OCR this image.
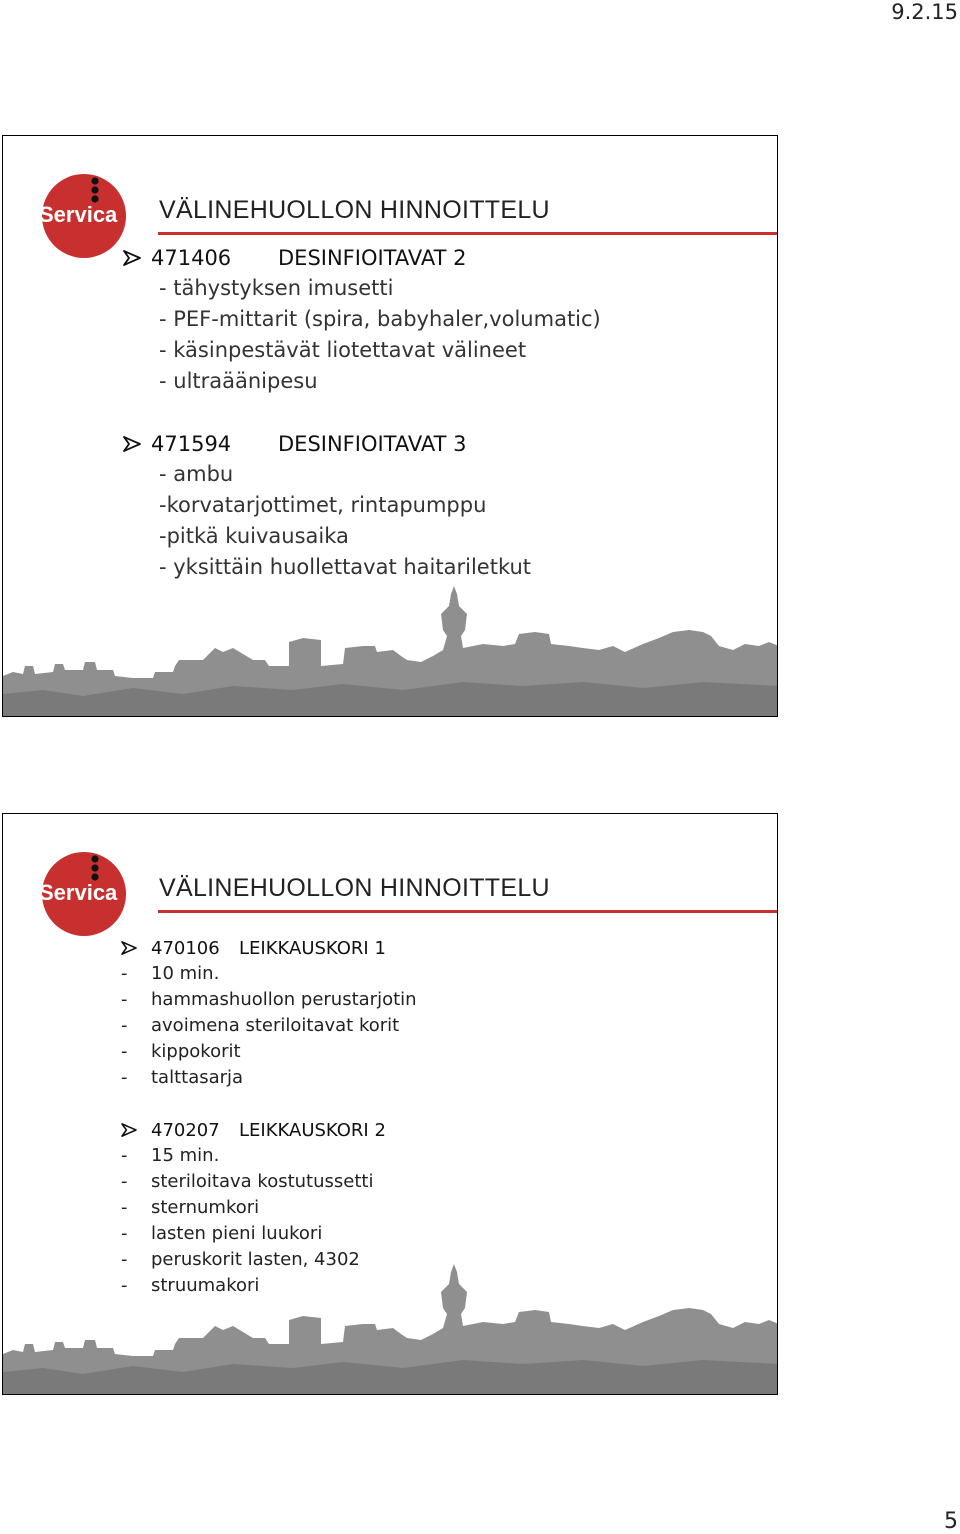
9.2.15
Servica VÄLINEHUOLLON HINNOITTELU
471406	DESINFIOITAVAT 2
- tähystyksen imusetti
- PEF-mittarit (spira, babyhaler,volumatic)
- käsinpestävät liotettavat välineet
- ultraäänipesu
471594	DESINFIOITAVAT 3
- ambu
-korvatarjottimet, rintapumppu
-pitkä kuivausaika
- yksittäin huollettavat haitariletkut
Servica VÄLINEHUOLLON HINNOITTELU
470106	LEIKKAUSKORI 1
-	10 min.
-	hammashuollon perustarjotin
-	avoimena steriloitavat korit
-	kippokorit
-	talttasarja
470207	LEIKKAUSKORI 2
-	15 min.
-	steriloitava kostutussetti
-	sternumkori
-	lasten pieni luukori
-	peruskorit lasten, 4302
-	struumakori
5
